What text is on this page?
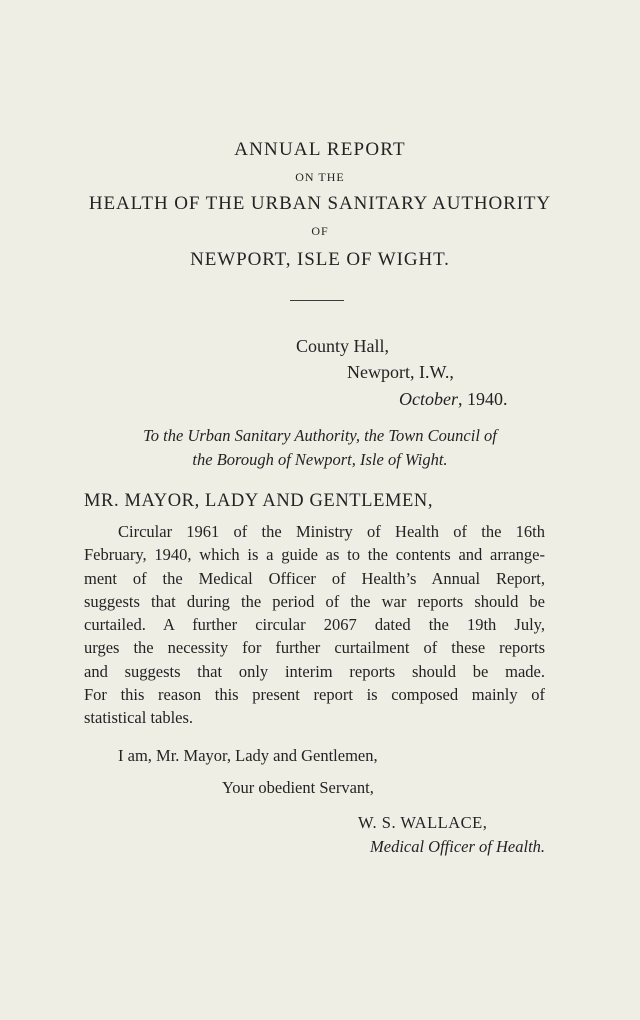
ANNUAL REPORT
ON THE
HEALTH OF THE URBAN SANITARY AUTHORITY
OF
NEWPORT, ISLE OF WIGHT.
County Hall,
Newport, I.W.,
October, 1940.
To the Urban Sanitary Authority, the Town Council of
the Borough of Newport, Isle of Wight.
MR. MAYOR, LADY AND GENTLEMEN,
Circular 1961 of the Ministry of Health of the 16th
February, 1940, which is a guide as to the contents and arrange-
ment of the Medical Officer of Health’s Annual Report,
suggests that during the period of the war reports should be
curtailed. A further circular 2067 dated the 19th July,
urges the necessity for further curtailment of these reports
and suggests that only interim reports should be made.
For this reason this present report is composed mainly of
statistical tables.
I am, Mr. Mayor, Lady and Gentlemen,
Your obedient Servant,
W. S. WALLACE,
Medical Officer of Health.
